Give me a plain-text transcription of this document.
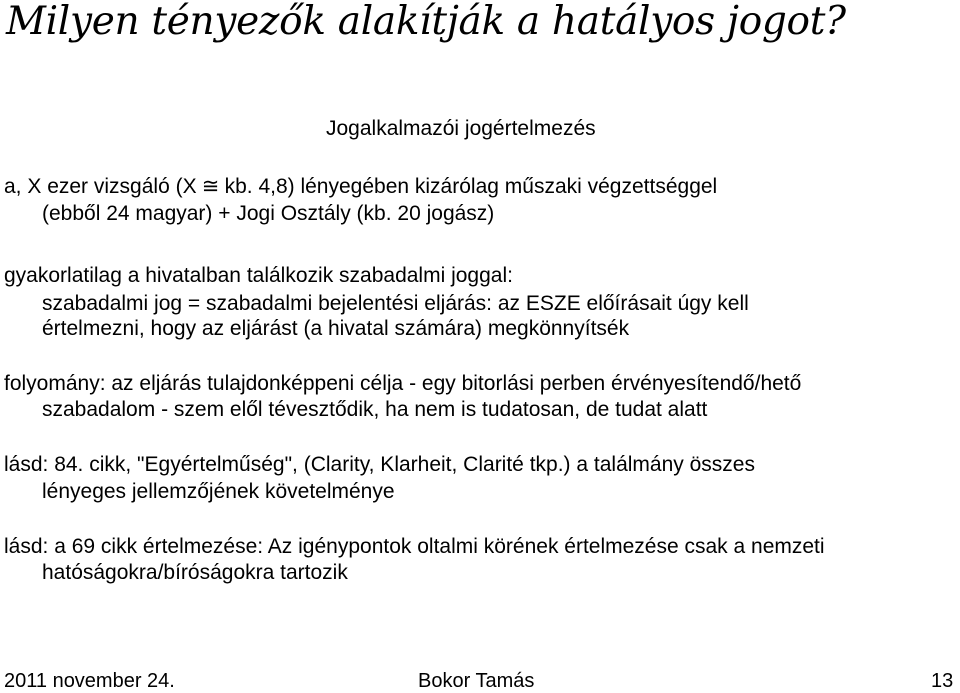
Milyen tényezők alakítják a hatályos jogot?
Jogalkalmazói jogértelmezés
a, X ezer vizsgáló (X ≅ kb. 4,8) lényegében kizárólag műszaki végzettséggel
(ebből 24 magyar) + Jogi Osztály (kb. 20 jogász)
gyakorlatilag a hivatalban találkozik szabadalmi joggal:
szabadalmi jog = szabadalmi bejelentési eljárás: az ESZE előírásait úgy kell
értelmezni, hogy az eljárást (a hivatal számára) megkönnyítsék
folyomány: az eljárás tulajdonképpeni célja - egy bitorlási perben érvényesítendő/hető
szabadalom - szem elől tévesztődik, ha nem is tudatosan, de tudat alatt
lásd: 84. cikk, "Egyértelműség", (Clarity, Klarheit, Clarité tkp.) a találmány összes
lényeges jellemzőjének követelménye
lásd: a 69 cikk értelmezése: Az igénypontok oltalmi körének értelmezése csak a nemzeti
hatóságokra/bíróságokra tartozik
2011 november 24.	Bokor Tamás	13
